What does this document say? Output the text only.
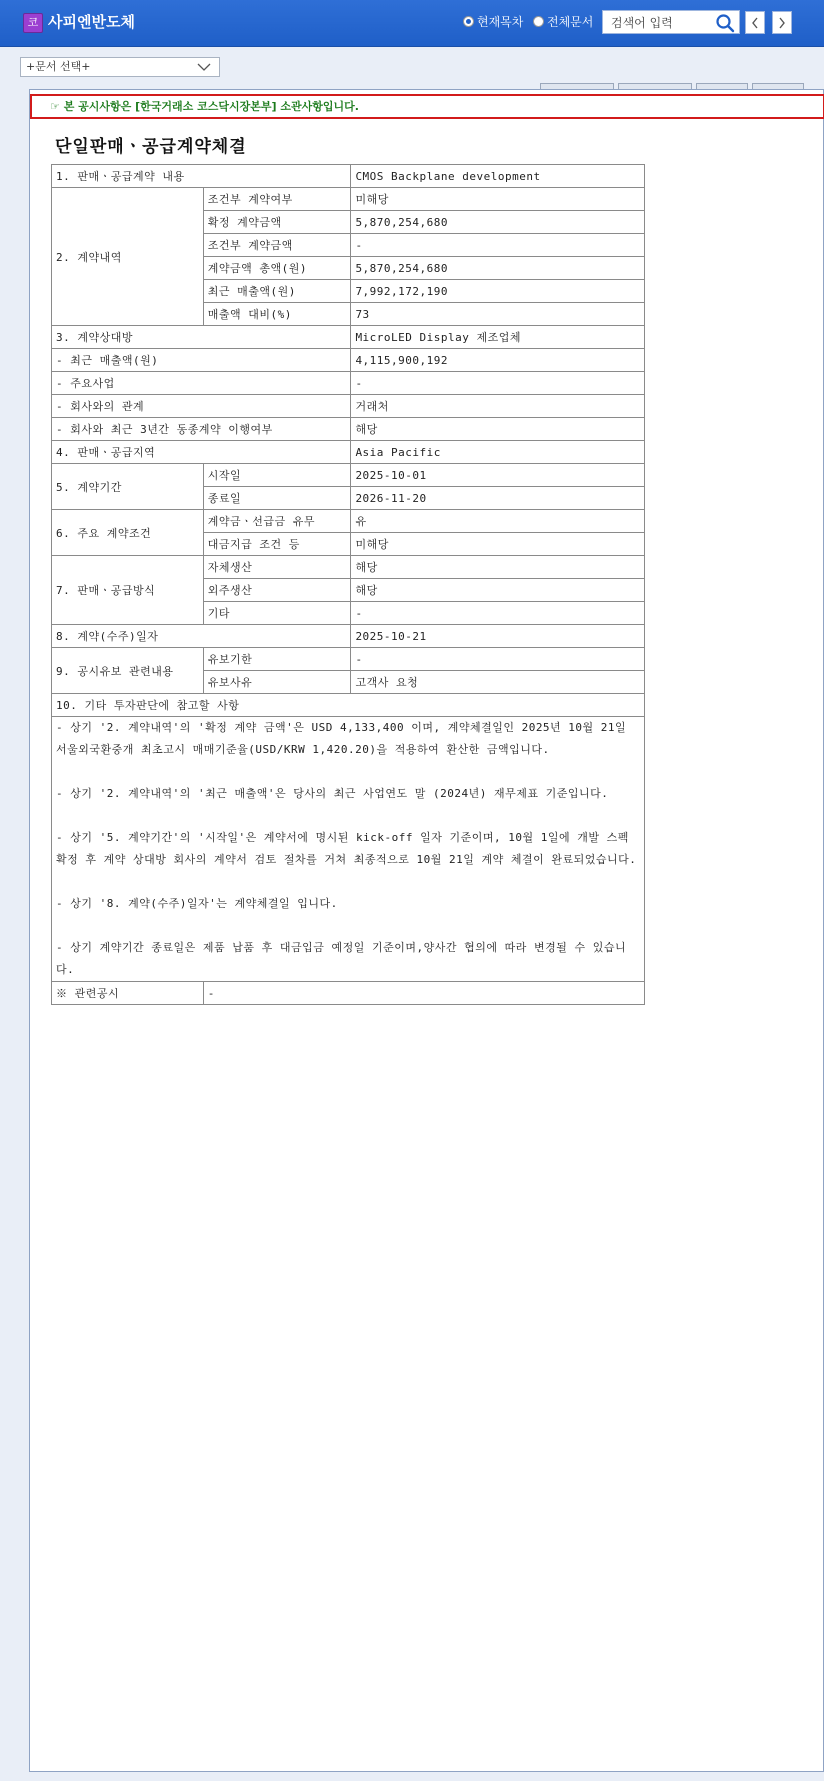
코 사피엔반도체	현재목차 전체문서
검색어 입력
+문서 선택+
☞ 본 공시사항은 [한국거래소 코스닥시장본부] 소관사항입니다.
단일판매ㆍ공급계약체결
1. 판매ㆍ공급계약 내용		CMOS Backplane development
2. 계약내역	조건부 계약여부	미해당
	확정 계약금액	5,870,254,680
	조건부 계약금액	-
	계약금액 총액(원)	5,870,254,680
	최근 매출액(원)	7,992,172,190
	매출액 대비(%)	73
3. 계약상대방		MicroLED Display 제조업체
- 최근 매출액(원)		4,115,900,192
- 주요사업		-
- 회사와의 관계		거래처
- 회사와 최근 3년간 동종계약 이행여부		해당
4. 판매ㆍ공급지역		Asia Pacific
5. 계약기간	시작일	2025-10-01
	종료일	2026-11-20
6. 주요 계약조건	계약금ㆍ선급금 유무	유
	대금지급 조건 등	미해당
7. 판매ㆍ공급방식	자체생산	해당
	외주생산	해당
	기타	-
8. 계약(수주)일자		2025-10-21
9. 공시유보 관련내용	유보기한	-
	유보사유	고객사 요청
10. 기타 투자판단에 참고할 사항		

- 상기 '2. 계약내역'의 '확정 계약 금액'은 USD 4,133,400 이며, 계약체결일인 2025년 10월 21일 서울외국환중개 최초고시 매매기준율(USD/KRW 1,420.20)을 적용하여 환산한 금액입니다.

- 상기 '2. 계약내역'의 '최근 매출액'은 당사의 최근 사업연도 말 (2024년) 재무제표 기준입니다.

- 상기 '5. 계약기간'의 '시작일'은 계약서에 명시된 kick-off 일자 기준이며, 10월 1일에 개발 스펙 확정 후 계약 상대방 회사의 계약서 검토 절차를 거쳐 최종적으로 10월 21일 계약 체결이 완료되었습니다.

- 상기 '8. 계약(수주)일자'는 계약체결일 입니다.

- 상기 계약기간 종료일은 제품 납품 후 대금입금 예정일 기준이며,양사간 협의에 따라 변경될 수 있습니다.		

※ 관련공시	-	
